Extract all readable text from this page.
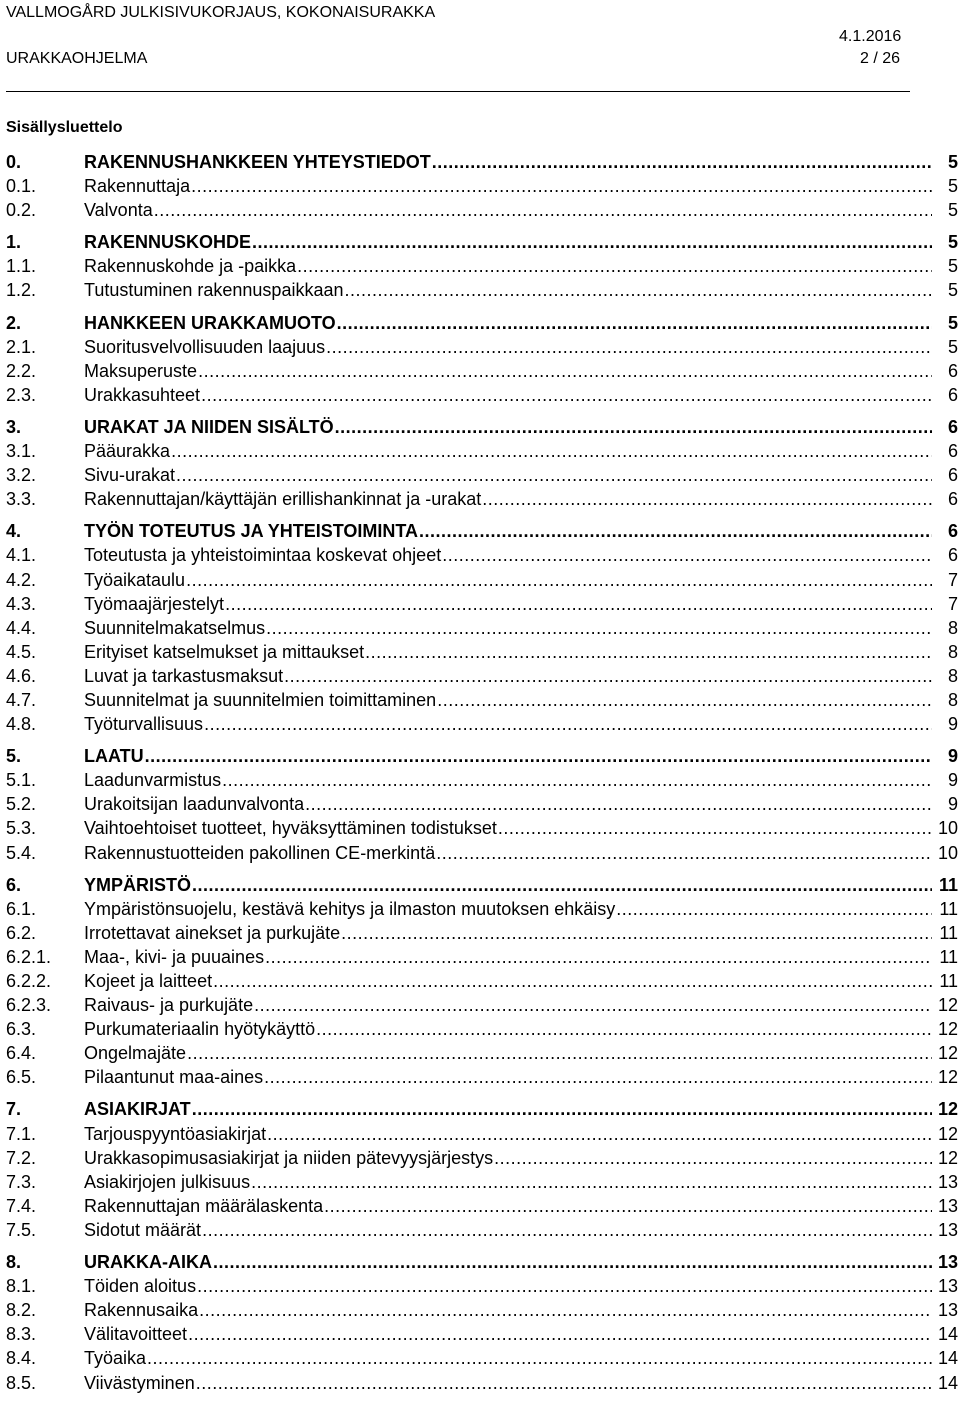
VALLMOGÅRD JULKISIVUKORJAUS, KOKONAISURAKKA
4.1.2016
URAKKAOHJELMA	2 / 26
Sisällysluettelo
0.	RAKENNUSHANKKEEN YHTEYSTIEDOT .....	5
0.1.	Rakennuttaja .....	5
0.2.	Valvonta .....	5
1.	RAKENNUSKOHDE .....	5
1.1.	Rakennuskohde ja -paikka .....	5
1.2.	Tutustuminen rakennuspaikkaan .....	5
2.	HANKKEEN URAKKAMUOTO .....	5
2.1.	Suoritusvelvollisuuden laajuus .....	5
2.2.	Maksuperuste .....	6
2.3.	Urakkasuhteet .....	6
3.	URAKAT JA NIIDEN SISÄLTÖ .....	6
3.1.	Pääurakka .....	6
3.2.	Sivu-urakat .....	6
3.3.	Rakennuttajan/käyttäjän erillishankinnat ja -urakat .....	6
4.	TYÖN TOTEUTUS JA YHTEISTOIMINTA .....	6
4.1.	Toteutusta ja yhteistoimintaa koskevat ohjeet .....	6
4.2.	Työaikataulu .....	7
4.3.	Työmaajärjestelyt .....	7
4.4.	Suunnitelmakatselmus .....	8
4.5.	Erityiset katselmukset ja mittaukset .....	8
4.6.	Luvat ja tarkastusmaksut .....	8
4.7.	Suunnitelmat ja suunnitelmien toimittaminen .....	8
4.8.	Työturvallisuus .....	9
5.	LAATU .....	9
5.1.	Laadunvarmistus .....	9
5.2.	Urakoitsijan laadunvalvonta .....	9
5.3.	Vaihtoehtoiset tuotteet, hyväksyttäminen todistukset .....	10
5.4.	Rakennustuotteiden pakollinen CE-merkintä .....	10
6.	YMPÄRISTÖ .....	11
6.1.	Ympäristönsuojelu, kestävä kehitys ja ilmaston muutoksen ehkäisy .....	11
6.2.	Irrotettavat ainekset ja purkujäte .....	11
6.2.1. Maa-, kivi- ja puuaines .....	11
6.2.2. Kojeet ja laitteet .....	11
6.2.3. Raivaus- ja purkujäte .....	12
6.3.	Purkumateriaalin hyötykäyttö .....	12
6.4.	Ongelmajäte .....	12
6.5.	Pilaantunut maa-aines .....	12
7.	ASIAKIRJAT .....	12
7.1.	Tarjouspyyntöasiakirjat .....	12
7.2.	Urakkasopimusasiakirjat ja niiden pätevyysjärjestys .....	12
7.3.	Asiakirjojen julkisuus .....	13
7.4.	Rakennuttajan määrälaskenta .....	13
7.5.	Sidotut määrät .....	13
8.	URAKKA-AIKA .....	13
8.1.	Töiden aloitus .....	13
8.2.	Rakennusaika .....	13
8.3.	Välitavoitteet .....	14
8.4.	Työaika .....	14
8.5.	Viivästyminen .....	14
